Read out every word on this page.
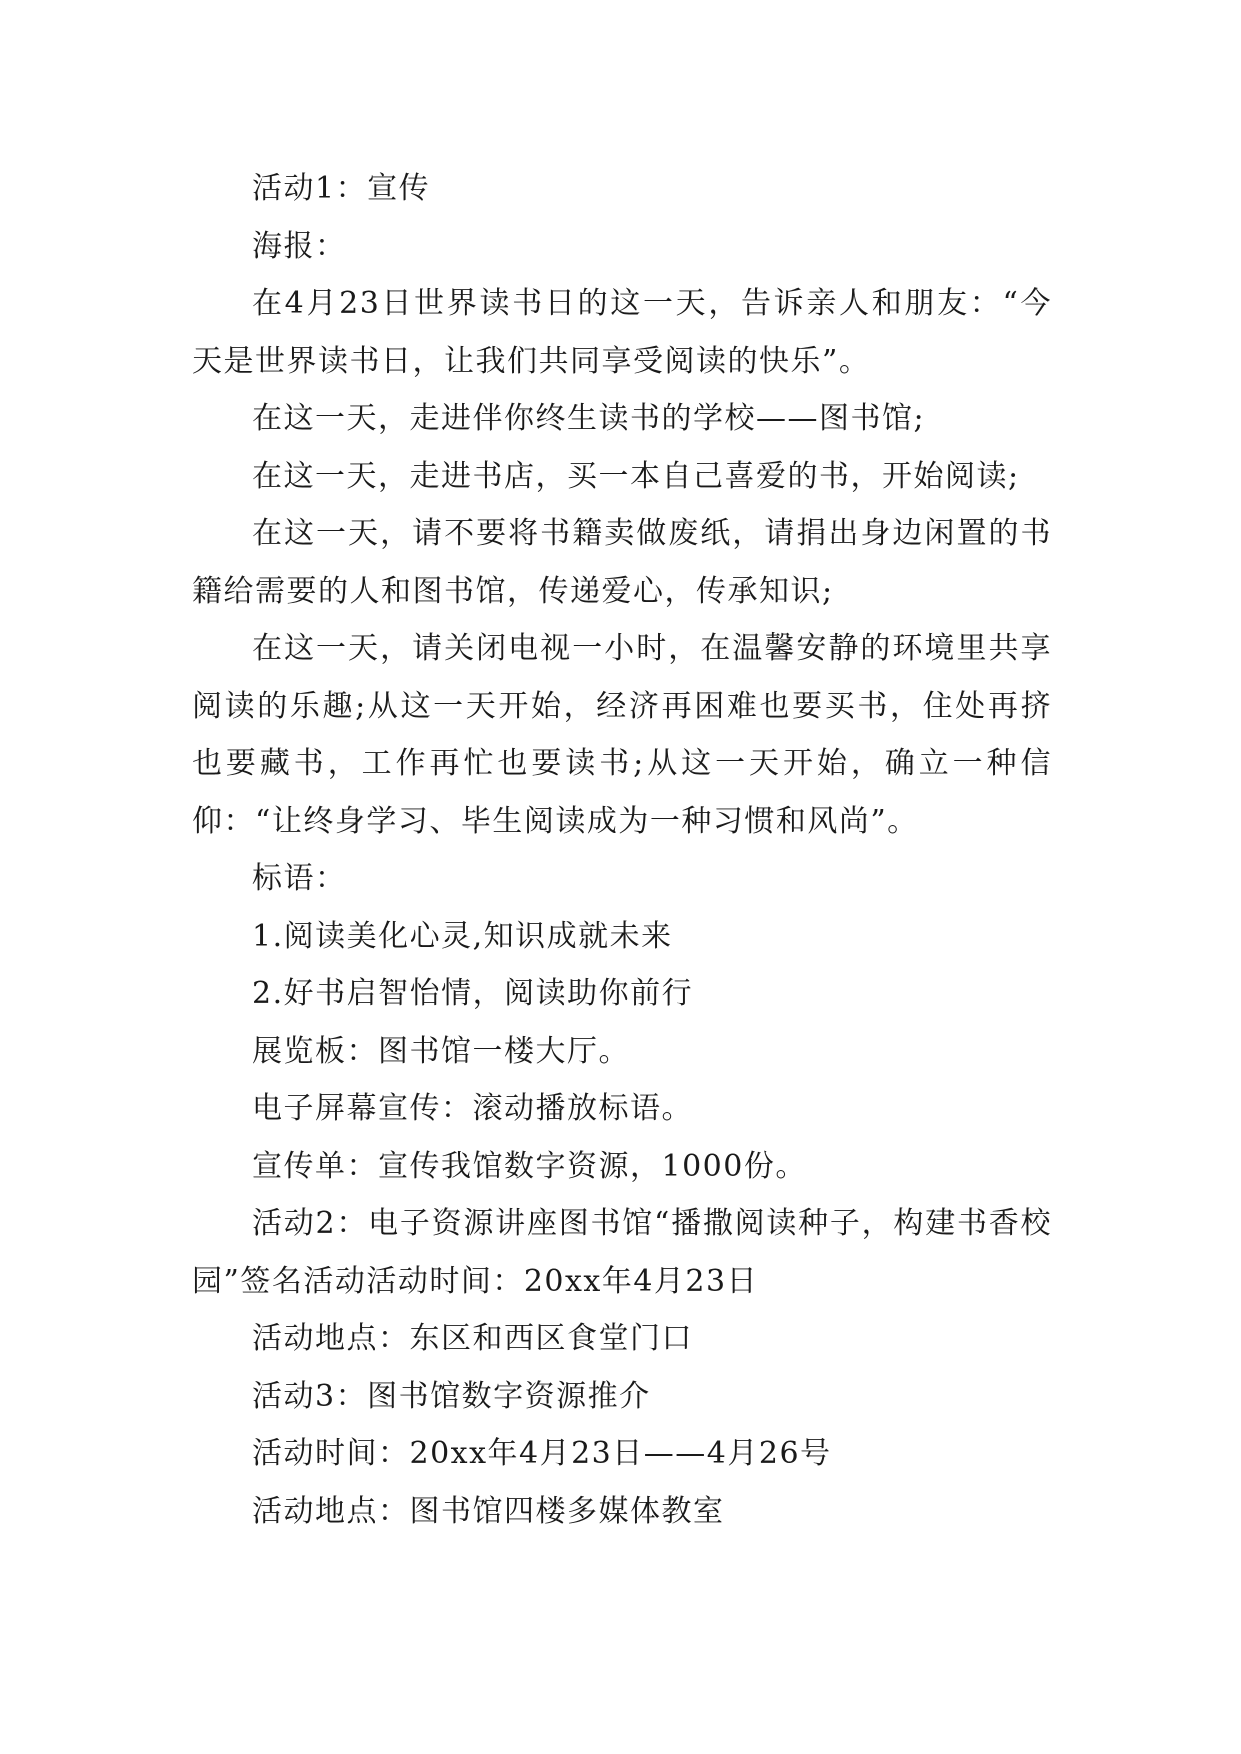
活动1：宣传

海报：

在4月23日世界读书日的这一天，告诉亲人和朋友：“今天是世界读书日，让我们共同享受阅读的快乐”。

在这一天，走进伴你终生读书的学校——图书馆;

在这一天，走进书店，买一本自己喜爱的书，开始阅读;

在这一天，请不要将书籍卖做废纸，请捐出身边闲置的书籍给需要的人和图书馆，传递爱心，传承知识;

在这一天，请关闭电视一小时，在温馨安静的环境里共享阅读的乐趣;从这一天开始，经济再困难也要买书，住处再挤也要藏书，工作再忙也要读书;从这一天开始，确立一种信仰：“让终身学习、毕生阅读成为一种习惯和风尚”。

标语：

1.阅读美化心灵,知识成就未来

2.好书启智怡情，阅读助你前行

展览板：图书馆一楼大厅。

电子屏幕宣传：滚动播放标语。

宣传单：宣传我馆数字资源，1000份。

活动2：电子资源讲座图书馆“播撒阅读种子，构建书香校园”签名活动活动时间：20xx年4月23日

活动地点：东区和西区食堂门口

活动3：图书馆数字资源推介

活动时间：20xx年4月23日——4月26号

活动地点：图书馆四楼多媒体教室
